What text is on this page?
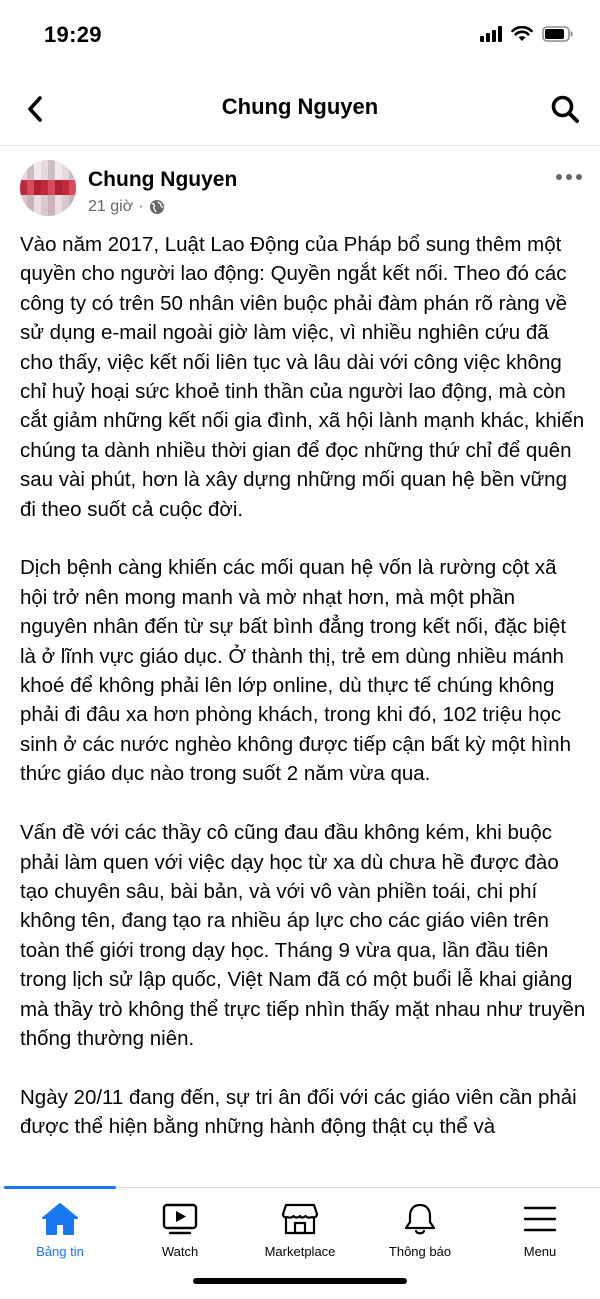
19:29
Chung Nguyen
Chung Nguyen
21 giờ ·

Vào năm 2017, Luật Lao Động của Pháp bổ sung thêm một quyền cho người lao động: Quyền ngắt kết nối. Theo đó các công ty có trên 50 nhân viên buộc phải đàm phán rõ ràng về sử dụng e-mail ngoài giờ làm việc, vì nhiều nghiên cứu đã cho thấy, việc kết nối liên tục và lâu dài với công việc không chỉ huỷ hoại sức khoẻ tinh thần của người lao động, mà còn cắt giảm những kết nối gia đình, xã hội lành mạnh khác, khiến chúng ta dành nhiều thời gian để đọc những thứ chỉ để quên sau vài phút, hơn là xây dựng những mối quan hệ bền vững đi theo suốt cả cuộc đời.

Dịch bệnh càng khiến các mối quan hệ vốn là rường cột xã hội trở nên mong manh và mờ nhạt hơn, mà một phần nguyên nhân đến từ sự bất bình đẳng trong kết nối, đặc biệt là ở lĩnh vực giáo dục. Ở thành thị, trẻ em dùng nhiều mánh khoé để không phải lên lớp online, dù thực tế chúng không phải đi đâu xa hơn phòng khách, trong khi đó, 102 triệu học sinh ở các nước nghèo không được tiếp cận bất kỳ một hình thức giáo dục nào trong suốt 2 năm vừa qua.

Vấn đề với các thầy cô cũng đau đầu không kém, khi buộc phải làm quen với việc dạy học từ xa dù chưa hề được đào tạo chuyên sâu, bài bản, và với vô vàn phiền toái, chi phí không tên, đang tạo ra nhiều áp lực cho các giáo viên trên toàn thế giới trong dạy học. Tháng 9 vừa qua, lần đầu tiên trong lịch sử lập quốc, Việt Nam đã có một buổi lễ khai giảng mà thầy trò không thể trực tiếp nhìn thấy mặt nhau như truyền thống thường niên.

Ngày 20/11 đang đến, sự tri ân đối với các giáo viên cần phải được thể hiện bằng những hành động thật cụ thể và

Bảng tin	Watch	Marketplace	Thông báo	Menu
